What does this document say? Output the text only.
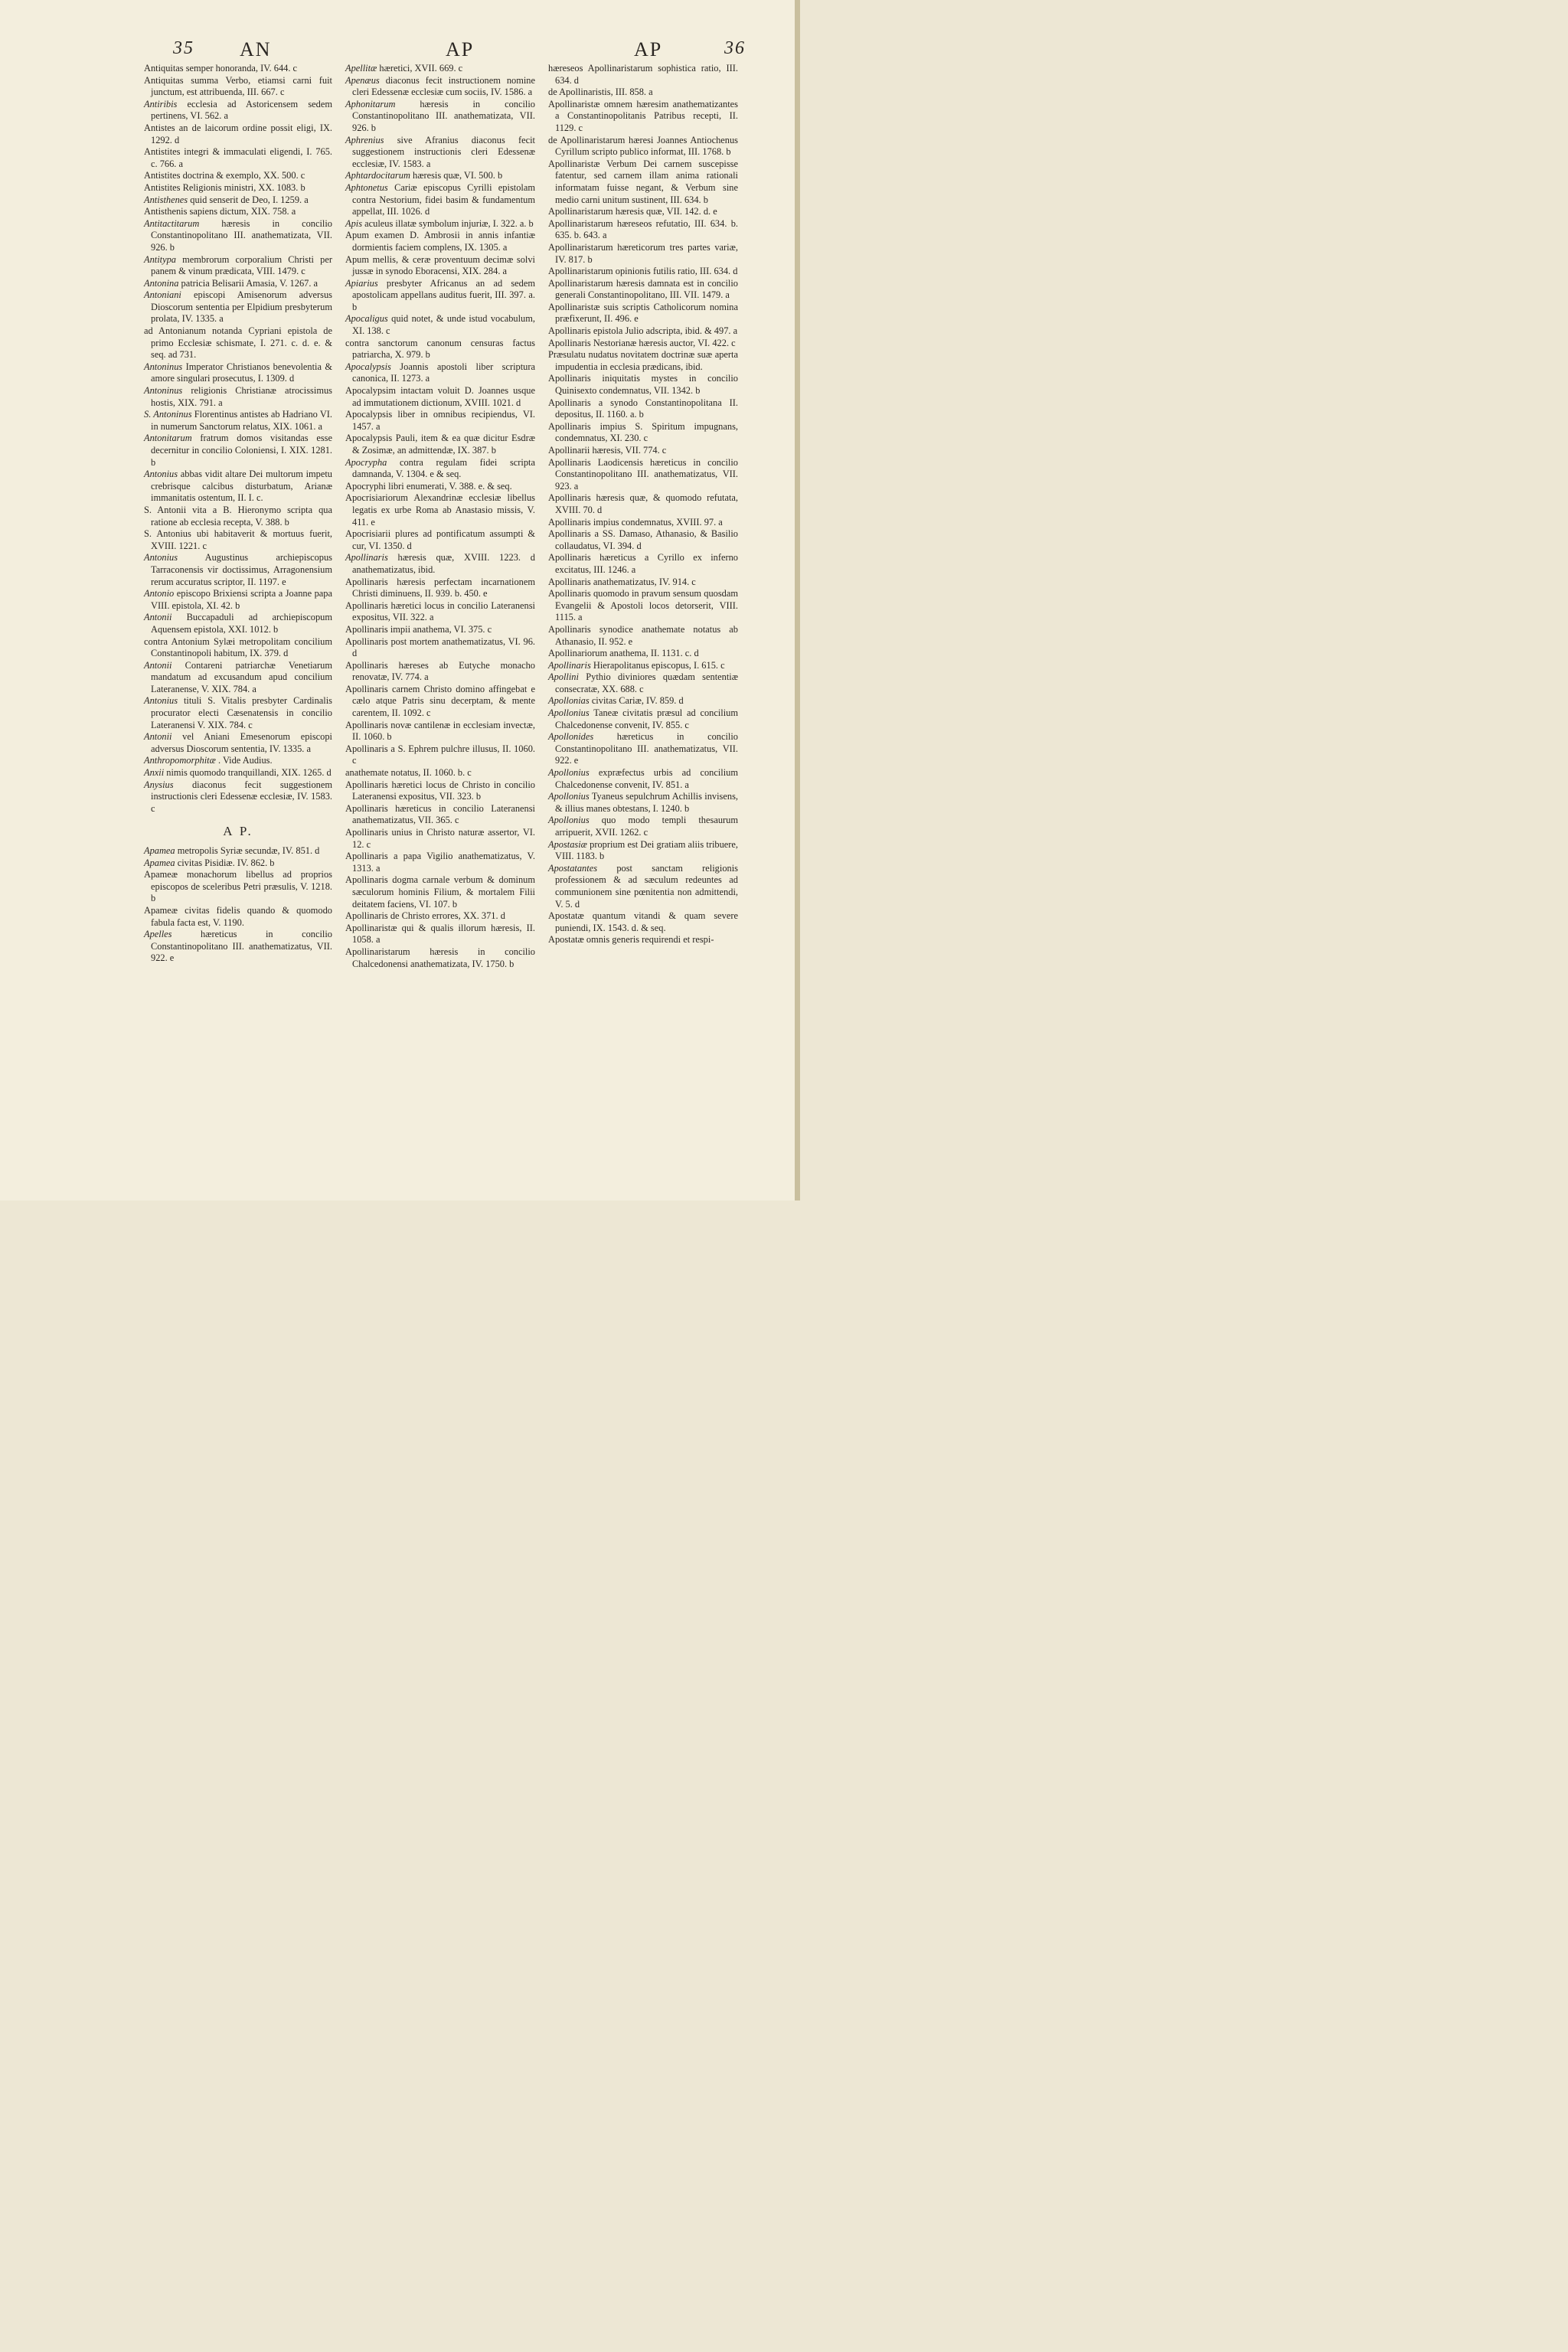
35 AN	AP	AP	36

Antiquitas semper honoranda, IV. 644. c

Antiquitas summa Verbo, etiamsi carni fuit junctum, est attribuenda, III. 667. c

Antiribis ecclesia ad Astoricensem sedem pertinens, VI. 562. a

Antistes an de laicorum ordine possit eligi, IX. 1292. d

Antistites integri & immaculati eligendi, I. 765. c. 766. a

Antistites doctrina & exemplo, XX. 500. c

Antistites Religionis ministri, XX. 1083. b

Antisthenes quid senserit de Deo, I. 1259. a

Antisthenis sapiens dictum, XIX. 758. a

Antitactitarum hæresis in concilio Constantinopolitano III. anathematizata, VII. 926. b

Antitypa membrorum corporalium Christi per panem & vinum prædicata, VIII. 1479. c

Antonina patricia Belisarii Amasia, V. 1267. a

Antoniani episcopi Amisenorum adversus Dioscorum sententia per Elpidium presbyterum prolata, IV. 1335. a

ad Antonianum notanda Cypriani epistola de primo Ecclesiæ schismate, I. 271. c. d. e. & seq. ad 731.

Antoninus Imperator Christianos benevolentia & amore singulari prosecutus, I. 1309. d

Antoninus religionis Christianæ atrocissimus hostis, XIX. 791. a

S. Antoninus Florentinus antistes ab Hadriano VI. in numerum Sanctorum relatus, XIX. 1061. a

Antonitarum fratrum domos visitandas esse decernitur in concilio Coloniensi, I. XIX. 1281. b

Antonius abbas vidit altare Dei multorum impetu crebrisque calcibus disturbatum, Arianæ immanitatis ostentum, II. I. c.

S. Antonii vita a B. Hieronymo scripta qua ratione ab ecclesia recepta, V. 388. b

S. Antonius ubi habitaverit & mortuus fuerit, XVIII. 1221. c

Antonius	Augustinus archiepiscopus Tarraconensis vir doctissimus, Arragonensium rerum accuratus scriptor, II. 1197. e

Antonio episcopo Brixiensi scripta a Joanne papa VIII. epistola, XI. 42. b

Antonii Buccapaduli ad archiepiscopum Aquensem epistola, XXI. 1012. b

contra Antonium Sylæi metropolitam concilium Constantinopoli habitum, IX. 379. d

Antonii Contareni patriarchæ Venetiarum mandatum ad excusandum apud concilium Lateranense, V. XIX. 784. a

Antonius tituli S. Vitalis presbyter Cardinalis procurator electi Cæsenatensis in concilio Lateranensi V. XIX. 784. c

Antonii vel Aniani Emesenorum episcopi adversus Dioscorum sententia, IV. 1335. a

Anthropomorphitæ . Vide Audius.

Anxii nimis quomodo tranquillandi, XIX. 1265. d

Anysius diaconus fecit suggestionem instructionis cleri Edessenæ ecclesiæ, IV. 1583. c

A P.

Apamea metropolis Syriæ secundæ, IV. 851. d

Apamea civitas Pisidiæ. IV. 862. b

Apameæ monachorum libellus ad proprios episcopos de sceleribus Petri præsulis, V. 1218. b

Apameæ civitas fidelis quando & quomodo fabula facta est, V. 1190.

Apelles	hæreticus in concilio Constantinopolitano III. anathematizatus, VII. 922. e

Apellitæ hæretici, XVII. 669. c

Apenæus diaconus fecit instructionem nomine cleri Edessenæ ecclesiæ cum sociis, IV. 1586. a

Aphonitarum	hæresis in concilio Constantinopolitano III. anathematizata, VII. 926. b

Aphrenius sive Afranius diaconus fecit suggestionem instructionis cleri Edessenæ ecclesiæ, IV. 1583. a

Aphtardocitarum hæresis quæ, VI. 500. b

Aphtonetus Cariæ episcopus Cyrilli epistolam contra Nestorium, fidei basim & fundamentum appellat, III. 1026. d

Apis aculeus illatæ symbolum injuriæ, I. 322. a. b

Apum examen D. Ambrosii in annis infantiæ dormientis faciem complens, IX. 1305. a

Apum mellis, & ceræ proventuum decimæ solvi jussæ in synodo Eboracensi, XIX. 284. a

Apiarius presbyter Africanus an ad sedem apostolicam appellans auditus fuerit, III. 397. a. b

Apocaligus quid notet, & unde istud vocabulum, XI. 138. c

contra sanctorum canonum censuras factus patriarcha, X. 979. b

Apocalypsis Joannis apostoli liber scriptura canonica, II. 1273. a

Apocalypsim intactam voluit D. Joannes usque ad immutationem dictionum, XVIII. 1021. d

Apocalypsis liber in omnibus recipiendus, VI. 1457. a

Apocalypsis Pauli, item & ea quæ dicitur Esdræ & Zosimæ, an admittendæ, IX. 387. b

Apocrypha contra regulam fidei scripta damnanda, V. 1304. e & seq.

Apocryphi libri enumerati, V. 388. e. & seq.

Apocrisiariorum Alexandrinæ ecclesiæ libellus legatis ex urbe Roma ab Anastasio missis, V. 411. e

Apocrisiarii plures ad pontificatum assumpti & cur, VI. 1350. d

Apollinaris hæresis quæ, XVIII. 1223. d anathematizatus, ibid.

Apollinaris hæresis perfectam incarnationem Christi diminuens, II. 939. b. 450. e

Apollinaris hæretici locus in concilio Lateranensi expositus, VII. 322. a

Apollinaris impii anathema, VI. 375. c

Apollinaris post mortem anathematizatus, VI. 96. d

Apollinaris hæreses ab Eutyche monacho renovatæ, IV. 774. a

Apollinaris carnem Christo domino affingebat e cælo atque Patris sinu decerptam, & mente carentem, II. 1092. c

Apollinaris novæ cantilenæ in ecclesiam invectæ, II. 1060. b

Apollinaris a S. Ephrem pulchre illusus, II. 1060. c

anathemate notatus, II. 1060. b. c

Apollinaris hæretici locus de Christo in concilio Lateranensi expositus, VII. 323. b

Apollinaris hæreticus in concilio Lateranensi anathematizatus, VII. 365. c

Apollinaris unius in Christo naturæ assertor, VI. 12. c

Apollinaris a papa Vigilio anathematizatus, V. 1313. a

Apollinaris dogma carnale verbum & dominum sæculorum hominis Filium, & mortalem Filii deitatem faciens, VI. 107. b

Apollinaris de Christo errores, XX. 371. d

Apollinaristæ qui & qualis illorum hæresis, II. 1058. a

Apollinaristarum hæresis in concilio Chalcedonensi anathematizata, IV. 1750. b

hæreseos Apollinaristarum sophistica ratio, III. 634. d

de Apollinaristis, III. 858. a

Apollinaristæ omnem hæresim anathematizantes a Constantinopolitanis Patribus recepti, II. 1129. c

de Apollinaristarum hæresi Joannes Antiochenus Cyrillum scripto publico informat, III. 1768. b

Apollinaristæ Verbum Dei carnem suscepisse fatentur, sed carnem illam anima rationali informatam fuisse negant, & Verbum sine medio carni unitum sustinent, III. 634. b

Apollinaristarum hæresis quæ, VII. 142. d. e

Apollinaristarum hæreseos refutatio, III. 634. b. 635. b. 643. a

Apollinaristarum hæreticorum tres partes variæ, IV. 817. b

Apollinaristarum opinionis futilis ratio, III. 634. d

Apollinaristarum hæresis damnata est in concilio generali Constantinopolitano, III. VII. 1479. a

Apollinaristæ suis scriptis Catholicorum nomina præfixerunt, II. 496. e

Apollinaris epistola Julio adscripta, ibid. & 497. a

Apollinaris Nestorianæ hæresis auctor, VI. 422. c

Præsulatu nudatus novitatem doctrinæ suæ aperta impudentia in ecclesia prædicans, ibid.

Apollinaris iniquitatis mystes in concilio Quinisexto condemnatus, VII. 1342. b

Apollinaris a synodo Constantinopolitana II. depositus, II. 1160. a. b

Apollinaris impius S. Spiritum impugnans, condemnatus, XI. 230. c

Apollinarii hæresis, VII. 774. c

Apollinaris Laodicensis hæreticus in concilio Constantinopolitano III. anathematizatus, VII. 923. a

Apollinaris hæresis quæ, & quomodo refutata, XVIII. 70. d

Apollinaris impius condemnatus, XVIII. 97. a

Apollinaris a SS. Damaso, Athanasio, & Basilio collaudatus, VI. 394. d

Apollinaris hæreticus a Cyrillo ex inferno excitatus, III. 1246. a

Apollinaris anathematizatus, IV. 914. c

Apollinaris quomodo in pravum sensum quosdam Evangelii & Apostoli locos detorserit, VIII. 1115. a

Apollinaris synodice anathemate notatus ab Athanasio, II. 952. e

Apollinariorum anathema, II. 1131. c. d

Apollinaris Hierapolitanus episcopus, I. 615. c

Apollini Pythio diviniores quædam sententiæ consecratæ, XX. 688. c

Apollonias civitas Cariæ, IV. 859. d

Apollonius Taneæ civitatis præsul ad concilium Chalcedonense convenit, IV. 855. c

Apollonides hæreticus in concilio Constantinopolitano III. anathematizatus, VII. 922. e

Apollonius expræfectus urbis ad concilium Chalcedonense convenit, IV. 851. a

Apollonius Tyaneus sepulchrum Achillis invisens, & illius manes obtestans, I. 1240. b

Apollonius quo modo templi thesaurum arripuerit, XVII. 1262. c

Apostasiæ proprium est Dei gratiam aliis tribuere, VIII. 1183. b

Apostatantes post sanctam religionis professionem & ad sæculum redeuntes ad communionem sine pœnitentia non admittendi, V. 5. d

Apostatæ quantum vitandi & quam severe puniendi, IX. 1543. d. & seq.

Apostatæ omnis generis requirendi et respi-
